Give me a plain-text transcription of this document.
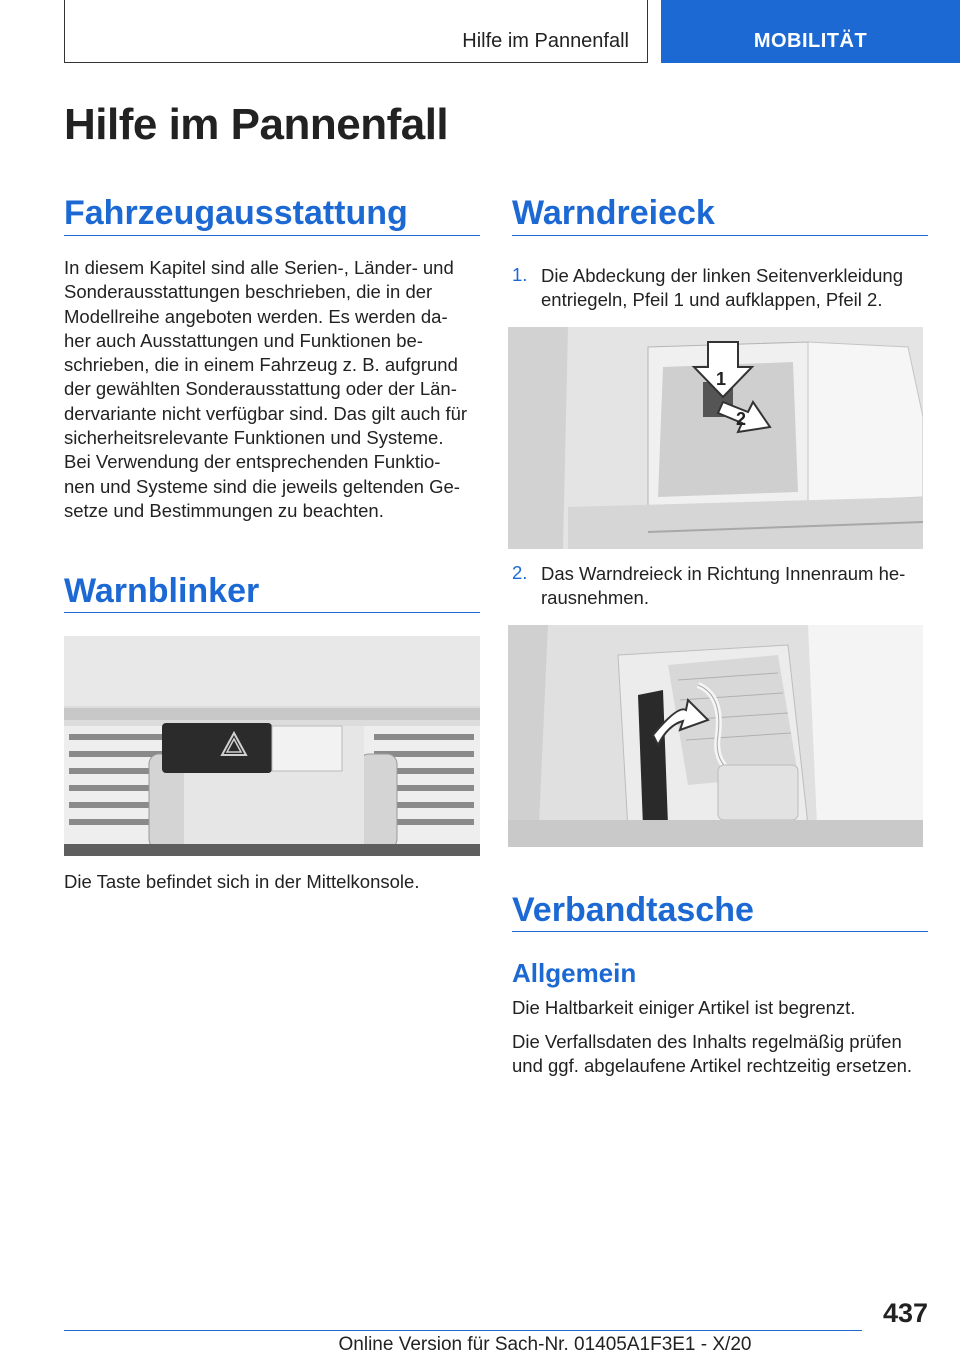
Hilfe im Pannenfall	MOBILITÄT
Hilfe im Pannenfall
Fahrzeugausstattung
In diesem Kapitel sind alle Serien-, Länder- und
Sonderausstattungen beschrieben, die in der
Modellreihe angeboten werden. Es werden da-
her auch Ausstattungen und Funktionen be-
schrieben, die in einem Fahrzeug z. B. aufgrund
der gewählten Sonderausstattung oder der Län-
dervariante nicht verfügbar sind. Das gilt auch für
sicherheitsrelevante Funktionen und Systeme.
Bei Verwendung der entsprechenden Funktio-
nen und Systeme sind die jeweils geltenden Ge-
setze und Bestimmungen zu beachten.
Warnblinker

Die Taste befindet sich in der Mittelkonsole.

Warndreieck
1. Die Abdeckung der linken Seitenverkleidung
entriegeln, Pfeil 1 und aufklappen, Pfeil 2.
1
2
2. Das Warndreieck in Richtung Innenraum he-
rausnehmen.
Verbandtasche
Allgemein

Die Haltbarkeit einiger Artikel ist begrenzt.

Die Verfallsdaten des Inhalts regelmäßig prüfen
und ggf. abgelaufene Artikel rechtzeitig ersetzen.
437
Online Version für Sach-Nr. 01405A1F3E1 - X/20
